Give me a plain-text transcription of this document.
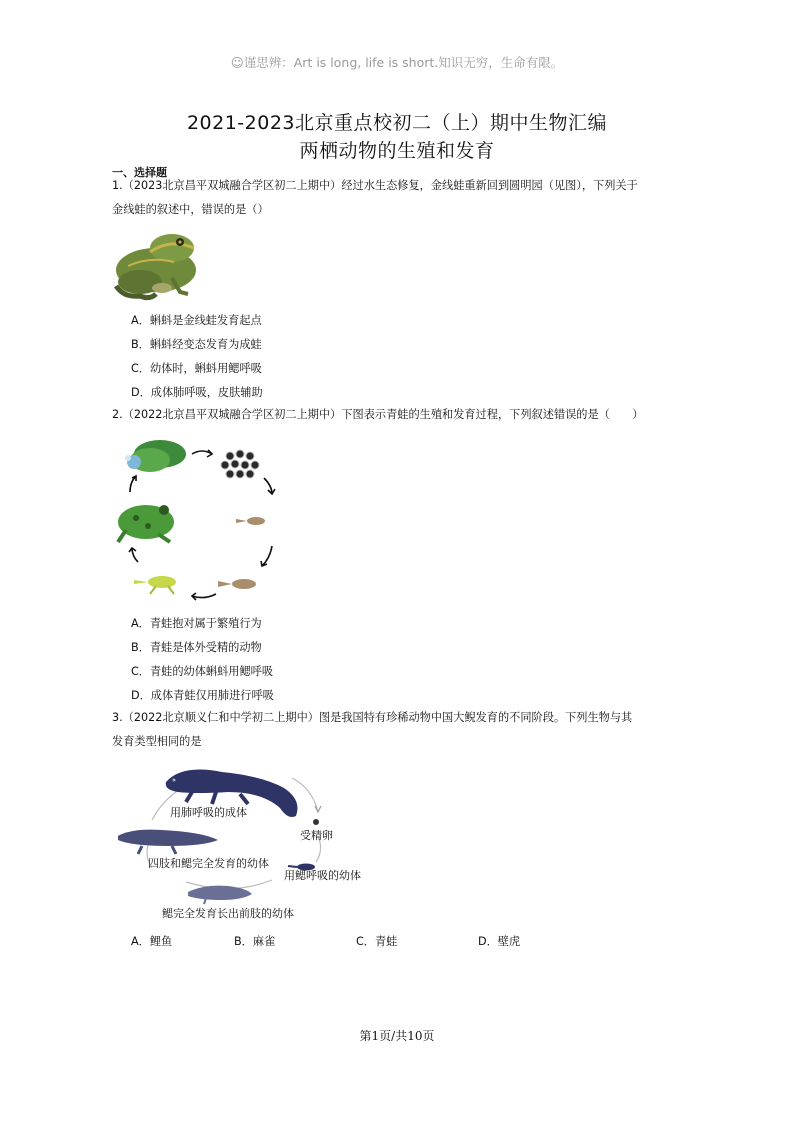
☺谨思辨：Art is long, life is short.知识无穷，生命有限。
2021-2023北京重点校初二（上）期中生物汇编
两栖动物的生殖和发育
一、选择题
1.（2023北京昌平双城融合学区初二上期中）经过水生态修复，金线蛙重新回到圆明园（见图），下列关于
金线蛙的叙述中，错误的是（）
A．蝌蚪是金线蛙发育起点
B．蝌蚪经变态发育为成蛙
C．幼体时，蝌蚪用鳃呼吸
D．成体肺呼吸，皮肤辅助
2.（2022北京昌平双城融合学区初二上期中）下图表示青蛙的生殖和发育过程，下列叙述错误的是（　　）
A．青蛙抱对属于繁殖行为
B．青蛙是体外受精的动物
C．青蛙的幼体蝌蚪用鳃呼吸
D．成体青蛙仅用肺进行呼吸
3.（2022北京顺义仁和中学初二上期中）图是我国特有珍稀动物中国大鲵发育的不同阶段。下列生物与其
发育类型相同的是
用肺呼吸的成体
受精卵
四肢和鳃完全发育的幼体
用鳃呼吸的幼体
鳃完全发育长出前肢的幼体
A．鲤鱼	B．麻雀	C．青蛙	D．壁虎
第1页/共10页
